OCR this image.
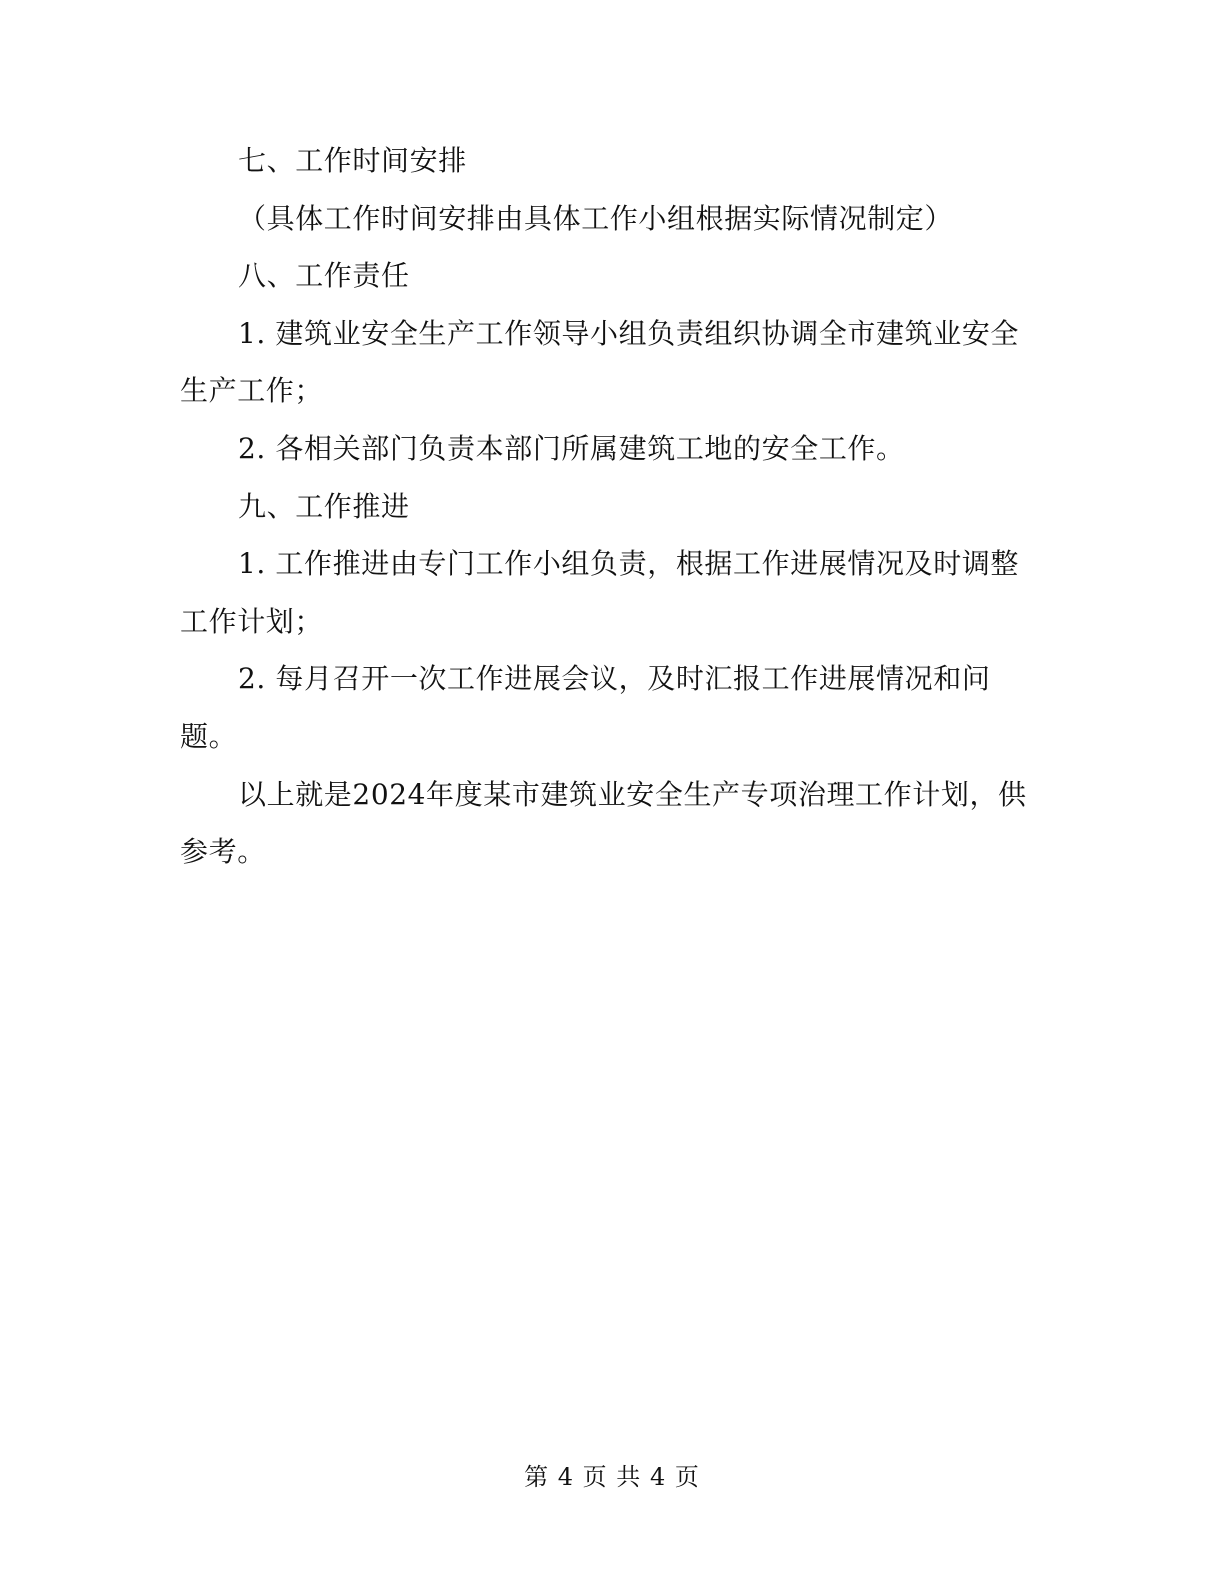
七、工作时间安排

（具体工作时间安排由具体工作小组根据实际情况制定）

八、工作责任

1. 建筑业安全生产工作领导小组负责组织协调全市建筑业安全生产工作；

2. 各相关部门负责本部门所属建筑工地的安全工作。

九、工作推进

1. 工作推进由专门工作小组负责，根据工作进展情况及时调整工作计划；

2. 每月召开一次工作进展会议，及时汇报工作进展情况和问题。

以上就是2024年度某市建筑业安全生产专项治理工作计划，供参考。

第 4 页 共 4 页
